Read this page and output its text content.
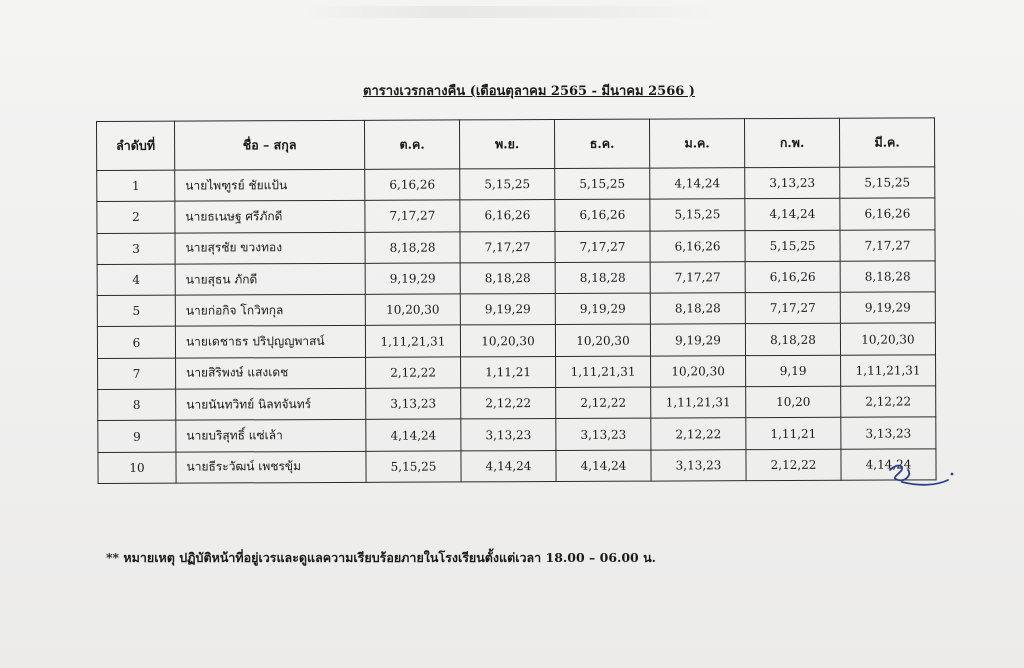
ตารางเวรกลางคืน (เดือนตุลาคม 2565 - มีนาคม 2566 )
ลำดับที่	ชื่อ – สกุล	ต.ค.	พ.ย.	ธ.ค.	ม.ค.	ก.พ.	มี.ค.
1	นายไพฑูรย์ ชัยแป้น	6,16,26	5,15,25	5,15,25	4,14,24	3,13,23	5,15,25
2	นายธเนษฐ ศรีภักดี	7,17,27	6,16,26	6,16,26	5,15,25	4,14,24	6,16,26
3	นายสุรชัย ขวงทอง	8,18,28	7,17,27	7,17,27	6,16,26	5,15,25	7,17,27
4	นายสุธน ภักดี	9,19,29	8,18,28	8,18,28	7,17,27	6,16,26	8,18,28
5	นายก่อกิจ โกวิทกุล	10,20,30	9,19,29	9,19,29	8,18,28	7,17,27	9,19,29
6	นายเดชาธร ปริปุญญพาสน์	1,11,21,31	10,20,30	10,20,30	9,19,29	8,18,28	10,20,30
7	นายสิริพงษ์ แสงเดช	2,12,22	1,11,21	1,11,21,31	10,20,30	9,19	1,11,21,31
8	นายนันทวิทย์ นิลทจันทร์	3,13,23	2,12,22	2,12,22	1,11,21,31	10,20	2,12,22
9	นายบริสุทธิ์ แซ่เล้า	4,14,24	3,13,23	3,13,23	2,12,22	1,11,21	3,13,23
10	นายธีระวัฒน์ เพชรขุ้ม	5,15,25	4,14,24	4,14,24	3,13,23	2,12,22	4,14,24
** หมายเหตุ ปฏิบัติหน้าที่อยู่เวรและดูแลความเรียบร้อยภายในโรงเรียนตั้งแต่เวลา 18.00 – 06.00 น.
